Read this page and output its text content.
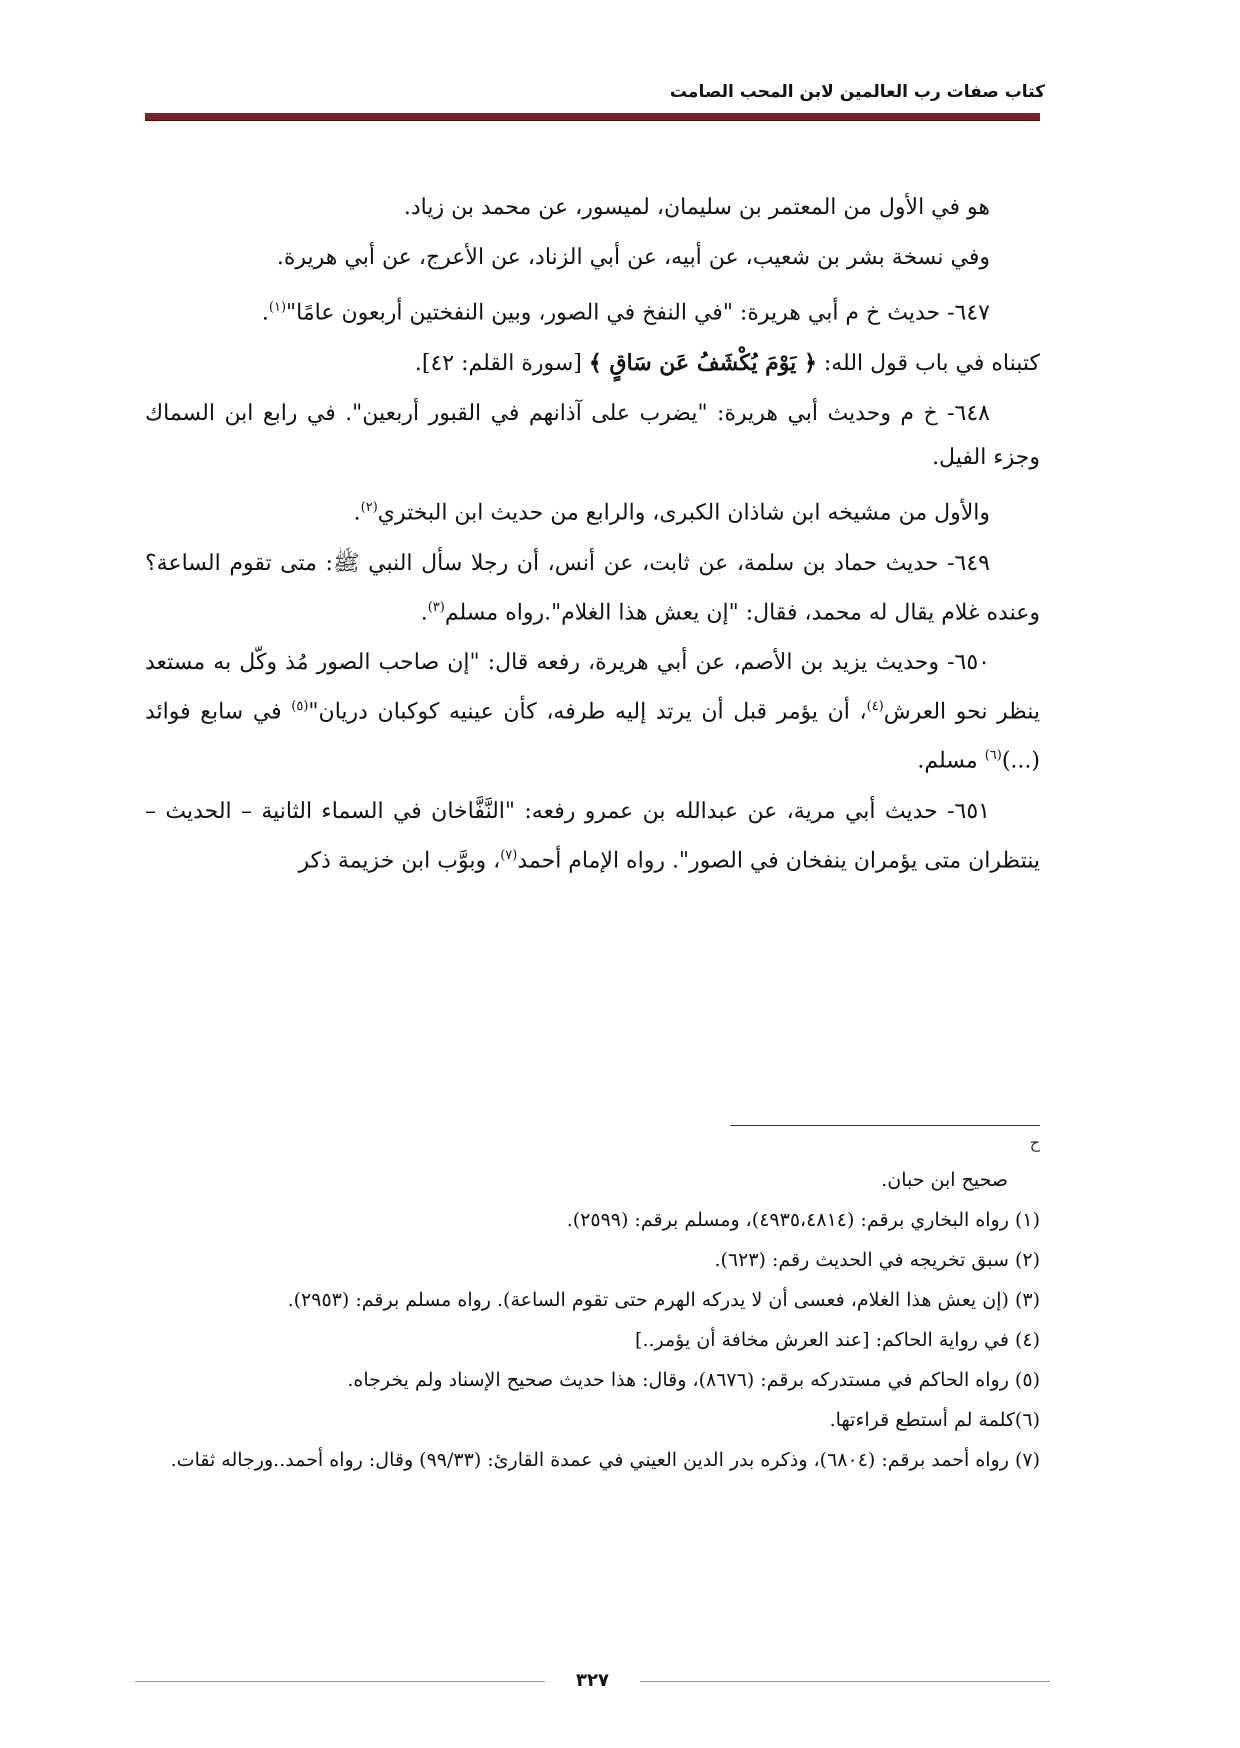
كتاب صفات رب العالمين لابن المحب الصامت

هو في الأول من المعتمر بن سليمان، لميسور، عن محمد بن زياد.

وفي نسخة بشر بن شعيب، عن أبيه، عن أبي الزناد، عن الأعرج، عن أبي هريرة.

٦٤٧- حديث خ م أبي هريرة: "في النفخ في الصور، وبين النفختين أربعون عامًا"$^{(١)}$.

كتبناه في باب قول الله: ﴿ يَوْمَ يُكْشَفُ عَن سَاقٍ ﴾ [سورة القلم: ٤٢].

٦٤٨- خ م وحديث أبي هريرة: "يضرب على آذانهم في القبور أربعين". في رابع ابن السماك وجزء الفيل.

والأول من مشيخه ابن شاذان الكبرى، والرابع من حديث ابن البختري$^{(٢)}$.

٦٤٩- حديث حماد بن سلمة، عن ثابت، عن أنس، أن رجلا سأل النبي ﷺ: متى تقوم الساعة؟ وعنده غلام يقال له محمد، فقال: "إن يعش هذا الغلام".رواه مسلم$^{(٣)}$.

٦٥٠- وحديث يزيد بن الأصم، عن أبي هريرة، رفعه قال: "إن صاحب الصور مُذ وكّل به مستعد ينظر نحو العرش$^{(٤)}$، أن يؤمر قبل أن يرتد إليه طرفه، كأن عينيه كوكبان دريان"$^{(٥)}$ في سابع فوائد (...)$^{(٦)}$ مسلم.

٦٥١- حديث أبي مرية، عن عبدالله بن عمرو رفعه: "النَّفَّاخان في السماء الثانية – الحديث – ينتظران متى يؤمران ينفخان في الصور". رواه الإمام أحمد$^{(٧)}$، وبوَّب ابن خزيمة ذكر

ح

صحيح ابن حبان.

(١) رواه البخاري برقم: (٤٩٣٥،٤٨١٤)، ومسلم برقم: (٢٥٩٩).

(٢) سبق تخريجه في الحديث رقم: (٦٢٣).

(٣) (إن يعش هذا الغلام، فعسى أن لا يدركه الهرم حتى تقوم الساعة). رواه مسلم برقم: (٢٩٥٣).

(٤) في رواية الحاكم: [عند العرش مخافة أن يؤمر..]

(٥) رواه الحاكم في مستدركه برقم: (٨٦٧٦)، وقال: هذا حديث صحيح الإسناد ولم يخرجاه.

(٦)كلمة لم أستطع قراءتها.

(٧) رواه أحمد برقم: (٦٨٠٤)، وذكره بدر الدين العيني في عمدة القارئ: (٩٩/٣٣) وقال: رواه أحمد..ورجاله ثقات.

٣٢٧
